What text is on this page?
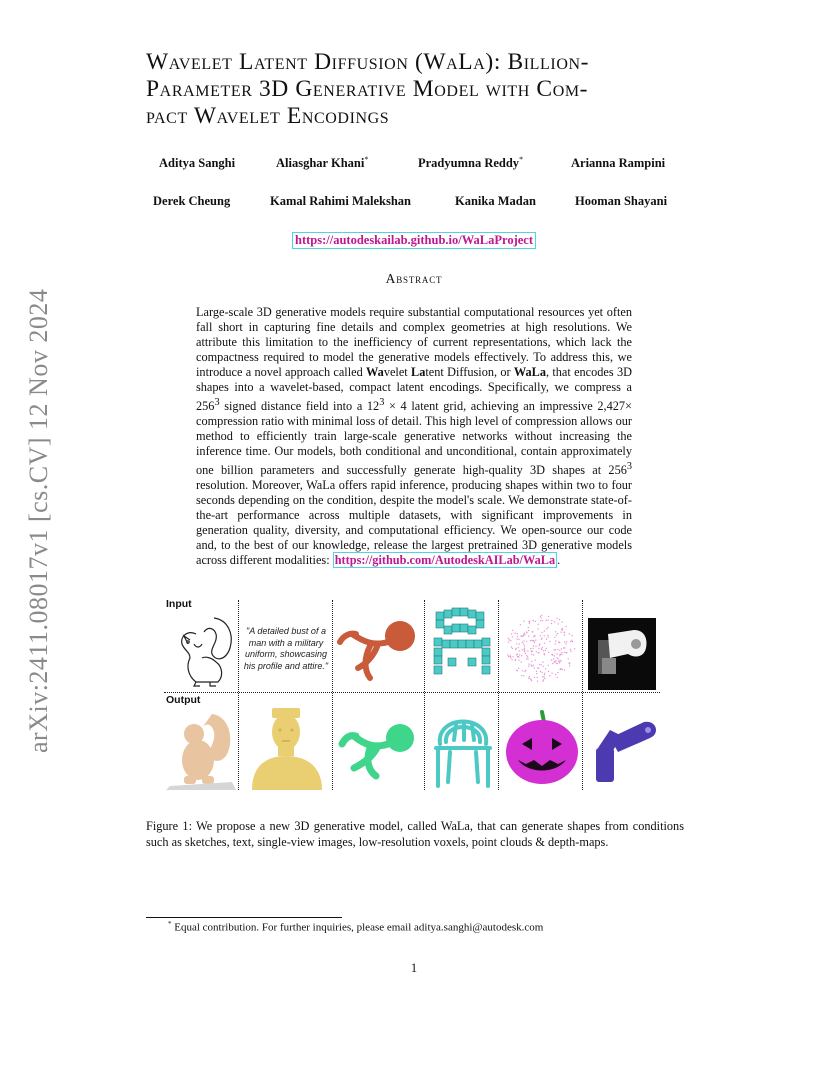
arXiv:2411.08017v1 [cs.CV] 12 Nov 2024
Wavelet Latent Diffusion (WaLa): Billion-
Parameter 3D Generative Model with Com-
pact Wavelet Encodings
Aditya Sanghi	Aliasghar Khani*	Pradyumna Reddy*	Arianna Rampini
Derek Cheung	Kamal Rahimi Malekshan	Kanika Madan	Hooman Shayani
https://autodeskailab.github.io/WaLaProject
Abstract
Large-scale 3D generative models require substantial computational resources yet often fall short in capturing fine details and complex geometries at high resolutions. We attribute this limitation to the inefficiency of current representations, which lack the compactness required to model the generative models effectively. To address this, we introduce a novel approach called Wavelet Latent Diffusion, or WaLa, that encodes 3D shapes into a wavelet-based, compact latent encodings. Specifically, we compress a $256^3$ signed distance field into a $12^3 \times 4$ latent grid, achieving an impressive 2,427× compression ratio with minimal loss of detail. This high level of compression allows our method to efficiently train large-scale generative networks without increasing the inference time. Our models, both conditional and unconditional, contain approximately one billion parameters and successfully generate high-quality 3D shapes at $256^3$ resolution. Moreover, WaLa offers rapid inference, producing shapes within two to four seconds depending on the condition, despite the model's scale. We demonstrate state-of-the-art performance across multiple datasets, with significant improvements in generation quality, diversity, and computational efficiency. We open-source our code and, to the best of our knowledge, release the largest pretrained 3D generative models across different modalities: https://github.com/AutodeskAILab/WaLa .
Input
Output
"A detailed bust of a man with a military uniform, showcasing his profile and attire."
Figure 1: We propose a new 3D generative model, called WaLa, that can generate shapes from conditions such as sketches, text, single-view images, low-resolution voxels, point clouds & depth-maps.
* Equal contribution. For further inquiries, please email aditya.sanghi@autodesk.com
1
